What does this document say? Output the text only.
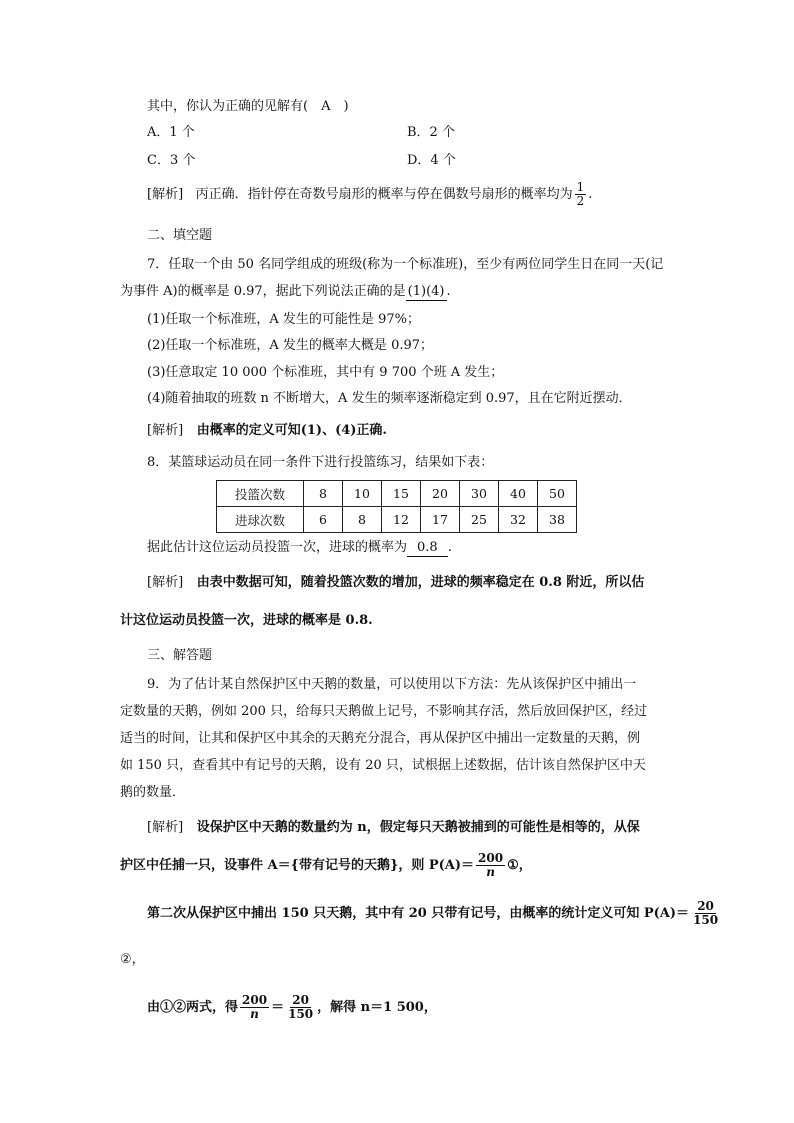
其中，你认为正确的见解有(　A　)
A．1 个	B．2 个
C．3 个	D．4 个
[解析] 丙正确．指针停在奇数号扇形的概率与停在偶数号扇形的概率均为 $\frac{1}{2}$ .
二、填空题
7．任取一个由 50 名同学组成的班级(称为一个标准班)，至少有两位同学生日在同一天(记
为事件 A)的概率是 0.97，据此下列说法正确的是 (1)(4) .
(1)任取一个标准班，A 发生的可能性是 97%；
(2)任取一个标准班，A 发生的概率大概是 0.97；
(3)任意取定 10 000 个标准班，其中有 9 700 个班 A 发生；
(4)随着抽取的班数 n 不断增大，A 发生的频率逐渐稳定到 0.97，且在它附近摆动．
[解析] 由概率的定义可知(1)、(4)正确.
8．某篮球运动员在同一条件下进行投篮练习，结果如下表：
投篮次数	8	10	15	20	30	40	50
进球次数	6	8	12	17	25	32	38
据此估计这位运动员投篮一次，进球的概率为 0.8 .
[解析] 由表中数据可知，随着投篮次数的增加，进球的频率稳定在 0.8 附近，所以估
计这位运动员投篮一次，进球的概率是 0.8.
三、解答题
9．为了估计某自然保护区中天鹅的数量，可以使用以下方法：先从该保护区中捕出一
定数量的天鹅，例如 200 只，给每只天鹅做上记号，不影响其存活，然后放回保护区，经过
适当的时间，让其和保护区中其余的天鹅充分混合，再从保护区中捕出一定数量的天鹅，例
如 150 只，查看其中有记号的天鹅，设有 20 只，试根据上述数据，估计该自然保护区中天
鹅的数量．
[解析] 设保护区中天鹅的数量约为 n，假定每只天鹅被捕到的可能性是相等的，从保
护区中任捕一只，设事件 A＝{带有记号的天鹅}，则 $P(A)= \frac{200}{n}$ ①，
第二次从保护区中捕出 150 只天鹅，其中有 20 只带有记号，由概率的统计定义可知 $P(A)= \frac{20}{150}$
②，
由①②两式，得 $\frac{200}{n} = \frac{20}{150}$ ，解得 n＝1 500，
